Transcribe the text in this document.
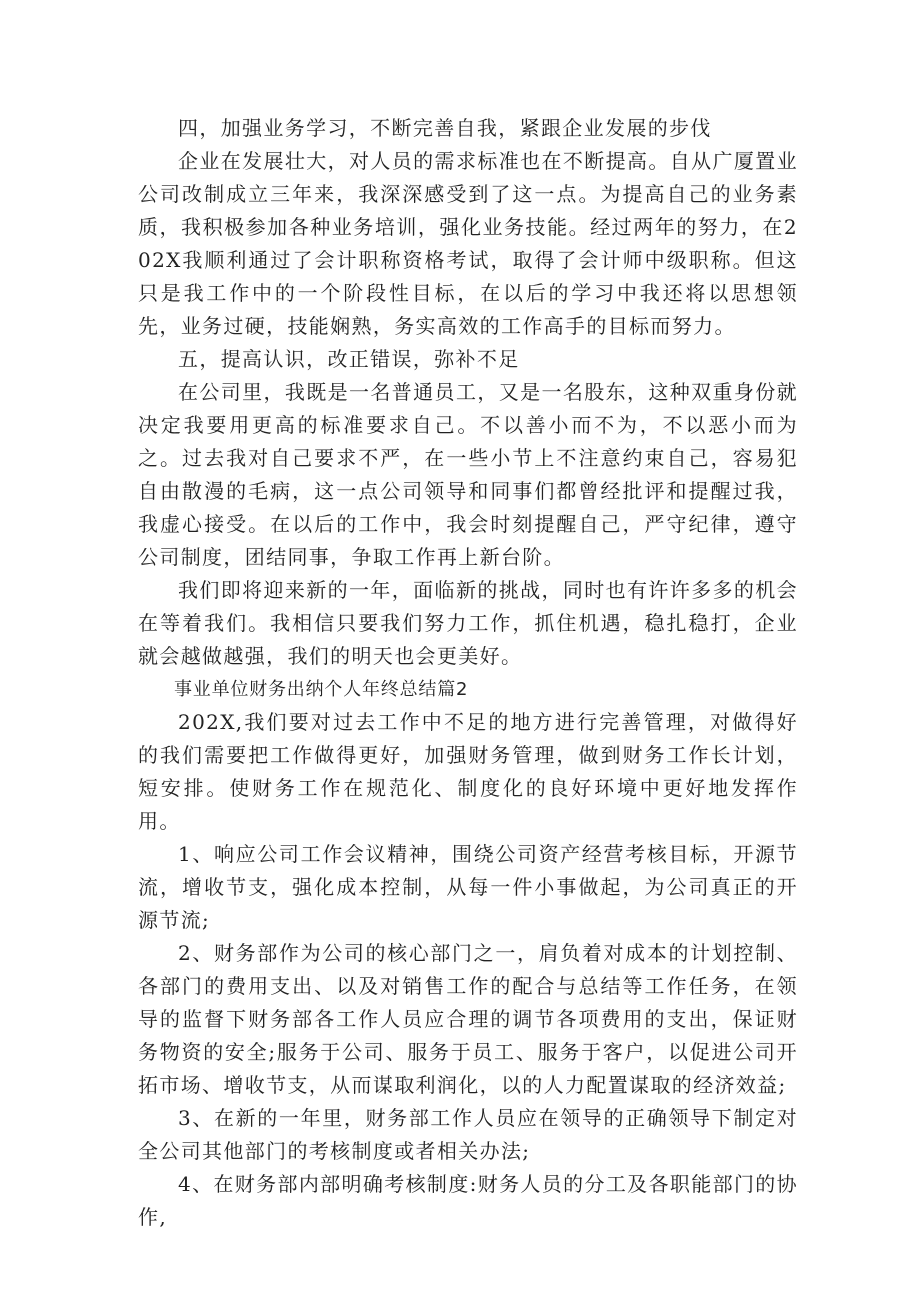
四，加强业务学习，不断完善自我，紧跟企业发展的步伐

企业在发展壮大，对人员的需求标准也在不断提高。自从广厦置业公司改制成立三年来，我深深感受到了这一点。为提高自己的业务素质，我积极参加各种业务培训，强化业务技能。经过两年的努力，在202X我顺利通过了会计职称资格考试，取得了会计师中级职称。但这只是我工作中的一个阶段性目标，在以后的学习中我还将以思想领先，业务过硬，技能娴熟，务实高效的工作高手的目标而努力。

五，提高认识，改正错误，弥补不足

在公司里，我既是一名普通员工，又是一名股东，这种双重身份就决定我要用更高的标准要求自己。不以善小而不为，不以恶小而为之。过去我对自己要求不严，在一些小节上不注意约束自己，容易犯自由散漫的毛病，这一点公司领导和同事们都曾经批评和提醒过我，我虚心接受。在以后的工作中，我会时刻提醒自己，严守纪律，遵守公司制度，团结同事，争取工作再上新台阶。

我们即将迎来新的一年，面临新的挑战，同时也有许许多多的机会在等着我们。我相信只要我们努力工作，抓住机遇，稳扎稳打，企业就会越做越强，我们的明天也会更美好。

事业单位财务出纳个人年终总结篇2

202X,我们要对过去工作中不足的地方进行完善管理，对做得好的我们需要把工作做得更好，加强财务管理，做到财务工作长计划，短安排。使财务工作在规范化、制度化的良好环境中更好地发挥作用。

1、响应公司工作会议精神，围绕公司资产经营考核目标，开源节流，增收节支，强化成本控制，从每一件小事做起，为公司真正的开源节流;

2、财务部作为公司的核心部门之一，肩负着对成本的计划控制、各部门的费用支出、以及对销售工作的配合与总结等工作任务，在领导的监督下财务部各工作人员应合理的调节各项费用的支出，保证财务物资的安全;服务于公司、服务于员工、服务于客户，以促进公司开拓市场、增收节支，从而谋取利润化，以的人力配置谋取的经济效益;

3、在新的一年里，财务部工作人员应在领导的正确领导下制定对全公司其他部门的考核制度或者相关办法;

4、在财务部内部明确考核制度:财务人员的分工及各职能部门的协作,
